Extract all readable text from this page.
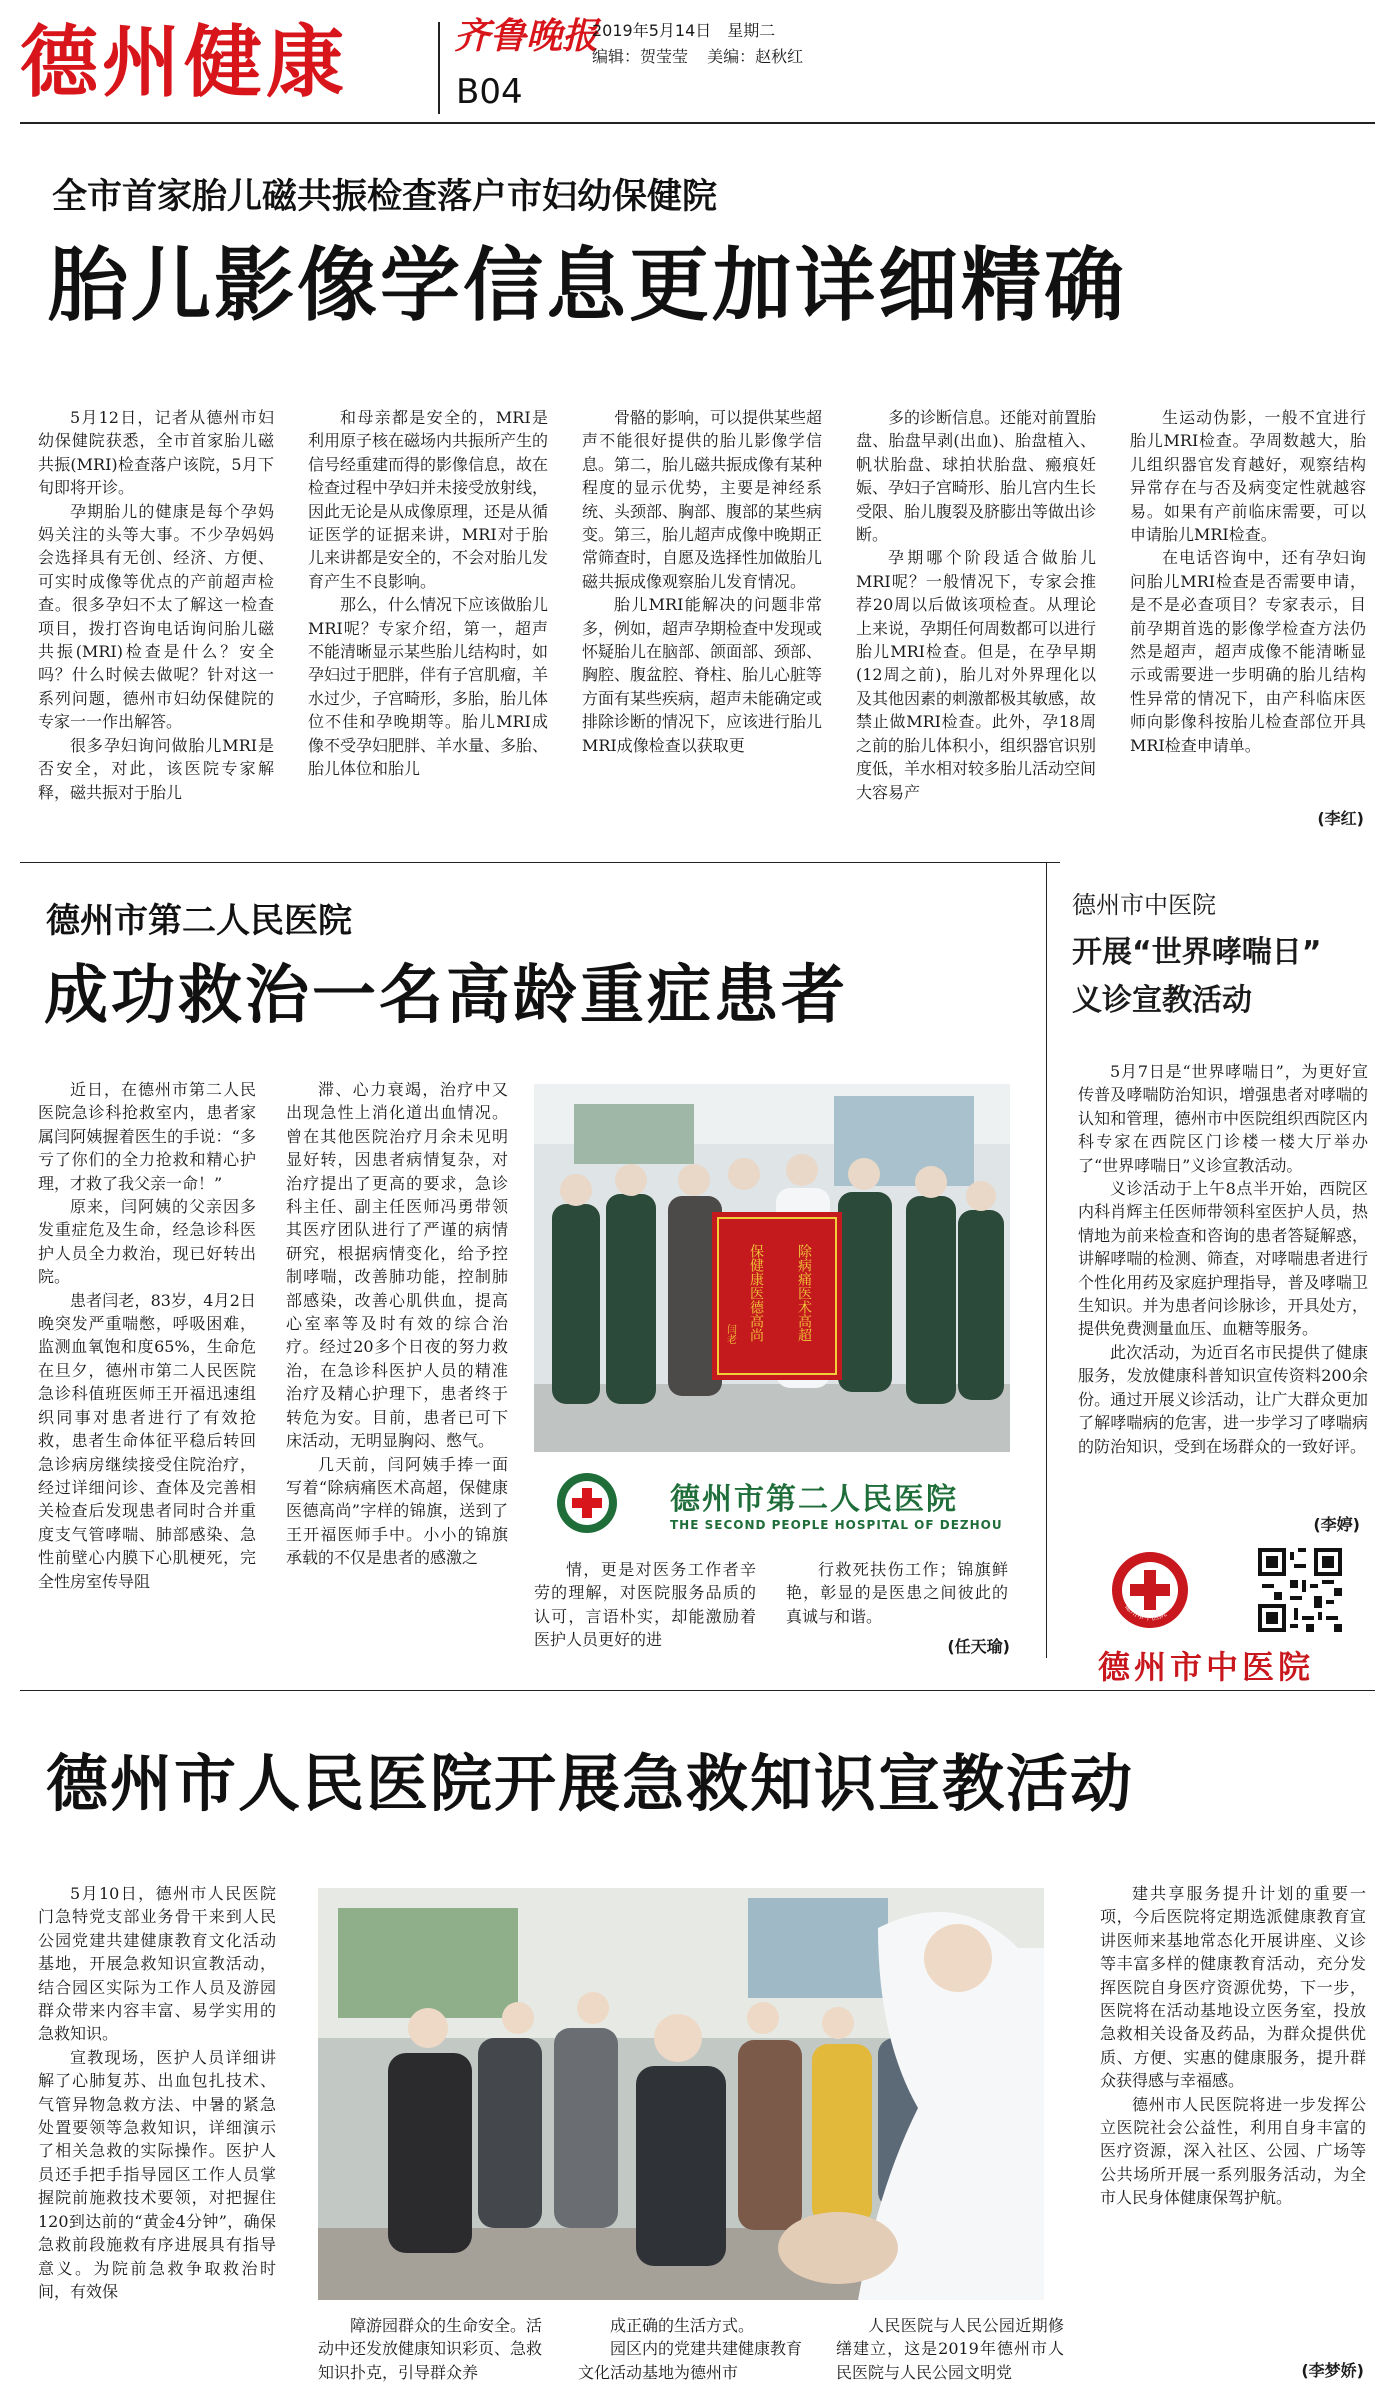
德州健康	齐鲁晚报
B04
2019年5月14日　星期二
编辑：贺莹莹 美编：赵秋红
全市首家胎儿磁共振检查落户市妇幼保健院
胎儿影像学信息更加详细精确

5月12日，记者从德州市妇幼保健院获悉，全市首家胎儿磁共振(MRI)检查落户该院，5月下旬即将开诊。

孕期胎儿的健康是每个孕妈妈关注的头等大事。不少孕妈妈会选择具有无创、经济、方便、可实时成像等优点的产前超声检查。很多孕妇不太了解这一检查项目，拨打咨询电话询问胎儿磁共振(MRI)检查是什么？安全吗？什么时候去做呢？针对这一系列问题，德州市妇幼保健院的专家一一作出解答。

很多孕妇询问做胎儿MRI是否安全，对此，该医院专家解释，磁共振对于胎儿

和母亲都是安全的，MRI是利用原子核在磁场内共振所产生的信号经重建而得的影像信息，故在检查过程中孕妇并未接受放射线，因此无论是从成像原理，还是从循证医学的证据来讲，MRI对于胎儿来讲都是安全的，不会对胎儿发育产生不良影响。

那么，什么情况下应该做胎儿MRI呢？专家介绍，第一，超声不能清晰显示某些胎儿结构时，如孕妇过于肥胖，伴有子宫肌瘤，羊水过少，子宫畸形，多胎，胎儿体位不佳和孕晚期等。胎儿MRI成像不受孕妇肥胖、羊水量、多胎、胎儿体位和胎儿

骨骼的影响，可以提供某些超声不能很好提供的胎儿影像学信息。第二，胎儿磁共振成像有某种程度的显示优势，主要是神经系统、头颈部、胸部、腹部的某些病变。第三，胎儿超声成像中晚期正常筛查时，自愿及选择性加做胎儿磁共振成像观察胎儿发育情况。

胎儿MRI能解决的问题非常多，例如，超声孕期检查中发现或怀疑胎儿在脑部、颌面部、颈部、胸腔、腹盆腔、脊柱、胎儿心脏等方面有某些疾病，超声未能确定或排除诊断的情况下，应该进行胎儿MRI成像检查以获取更

多的诊断信息。还能对前置胎盘、胎盘早剥(出血)、胎盘植入、帆状胎盘、球拍状胎盘、瘢痕妊娠、孕妇子宫畸形、胎儿宫内生长受限、胎儿腹裂及脐膨出等做出诊断。

孕期哪个阶段适合做胎儿MRI呢？一般情况下，专家会推荐20周以后做该项检查。从理论上来说，孕期任何周数都可以进行胎儿MRI检查。但是，在孕早期(12周之前)，胎儿对外界理化以及其他因素的刺激都极其敏感，故禁止做MRI检查。此外，孕18周之前的胎儿体积小，组织器官识别度低，羊水相对较多胎儿活动空间大容易产

生运动伪影，一般不宜进行胎儿MRI检查。孕周数越大，胎儿组织器官发育越好，观察结构异常存在与否及病变定性就越容易。如果有产前临床需要，可以申请胎儿MRI检查。

在电话咨询中，还有孕妇询问胎儿MRI检查是否需要申请，是不是必查项目？专家表示，目前孕期首选的影像学检查方法仍然是超声，超声成像不能清晰显示或需要进一步明确的胎儿结构性异常的情况下，由产科临床医师向影像科按胎儿检查部位开具MRI检查申请单。

(李红)
德州市第二人民医院
成功救治一名高龄重症患者

近日，在德州市第二人民医院急诊科抢救室内，患者家属闫阿姨握着医生的手说：“多亏了你们的全力抢救和精心护理，才救了我父亲一命！”

原来，闫阿姨的父亲因多发重症危及生命，经急诊科医护人员全力救治，现已好转出院。

患者闫老，83岁，4月2日晚突发严重喘憋，呼吸困难，监测血氧饱和度65%，生命危在旦夕，德州市第二人民医院急诊科值班医师王开福迅速组织同事对患者进行了有效抢救，患者生命体征平稳后转回急诊病房继续接受住院治疗，经过详细问诊、查体及完善相关检查后发现患者同时合并重度支气管哮喘、肺部感染、急性前壁心内膜下心肌梗死，完全性房室传导阻

滞、心力衰竭，治疗中又出现急性上消化道出血情况。曾在其他医院治疗月余未见明显好转，因患者病情复杂，对治疗提出了更高的要求，急诊科主任、副主任医师冯勇带领其医疗团队进行了严谨的病情研究，根据病情变化，给予控制哮喘，改善肺功能，控制肺部感染，改善心肌供血，提高心室率等及时有效的综合治疗。经过20多个日夜的努力救治，在急诊科医护人员的精准治疗及精心护理下，患者终于转危为安。目前，患者已可下床活动，无明显胸闷、憋气。

几天前，闫阿姨手捧一面写着“除病痛医术高超，保健康医德高尚”字样的锦旗，送到了王开福医师手中。小小的锦旗承载的不仅是患者的感激之

除病痛医术高超
保健康医德高尚
闫老
德州市第二人民医院
THE SECOND PEOPLE HOSPITAL OF DEZHOU

情，更是对医务工作者辛劳的理解，对医院服务品质的认可，言语朴实，却能激励着医护人员更好的进

行救死扶伤工作；锦旗鲜艳，彰显的是医患之间彼此的真诚与和谐。

(任天瑜)
德州市中医院
开展“世界哮喘日”
义诊宣教活动

5月7日是“世界哮喘日”，为更好宣传普及哮喘防治知识，增强患者对哮喘的认知和管理，德州市中医院组织西院区内科专家在西院区门诊楼一楼大厅举办了“世界哮喘日”义诊宣教活动。

义诊活动于上午8点半开始，西院区内科肖辉主任医师带领科室医护人员，热情地为前来检查和咨询的患者答疑解惑，讲解哮喘的检测、筛查，对哮喘患者进行个性化用药及家庭护理指导，普及哮喘卫生知识。并为患者问诊脉诊，开具处方，提供免费测量血压、血糖等服务。

此次活动，为近百名市民提供了健康服务，发放健康科普知识宣传资料200余份。通过开展义诊活动，让广大群众更加了解哮喘病的危害，进一步学习了哮喘病的防治知识，受到在场群众的一致好评。

(李婷)
德州市中医院
德州市中医院
德州市人民医院开展急救知识宣教活动

5月10日，德州市人民医院门急特党支部业务骨干来到人民公园党建共建健康教育文化活动基地，开展急救知识宣教活动，结合园区实际为工作人员及游园群众带来内容丰富、易学实用的急救知识。

宣教现场，医护人员详细讲解了心肺复苏、出血包扎技术、气管异物急救方法、中暑的紧急处置要领等急救知识，详细演示了相关急救的实际操作。医护人员还手把手指导园区工作人员掌握院前施救技术要领，对把握住120到达前的“黄金4分钟”，确保急救前段施救有序进展具有指导意义。为院前急救争取救治时间，有效保

障游园群众的生命安全。活动中还发放健康知识彩页、急救知识扑克，引导群众养

成正确的生活方式。

园区内的党建共建健康教育文化活动基地为德州市

人民医院与人民公园近期修缮建立，这是2019年德州市人民医院与人民公园文明党

建共享服务提升计划的重要一项，今后医院将定期选派健康教育宣讲医师来基地常态化开展讲座、义诊等丰富多样的健康教育活动，充分发挥医院自身医疗资源优势，下一步，医院将在活动基地设立医务室，投放急救相关设备及药品，为群众提供优质、方便、实惠的健康服务，提升群众获得感与幸福感。

德州市人民医院将进一步发挥公立医院社会公益性，利用自身丰富的医疗资源，深入社区、公园、广场等公共场所开展一系列服务活动，为全市人民身体健康保驾护航。

(李梦娇)
